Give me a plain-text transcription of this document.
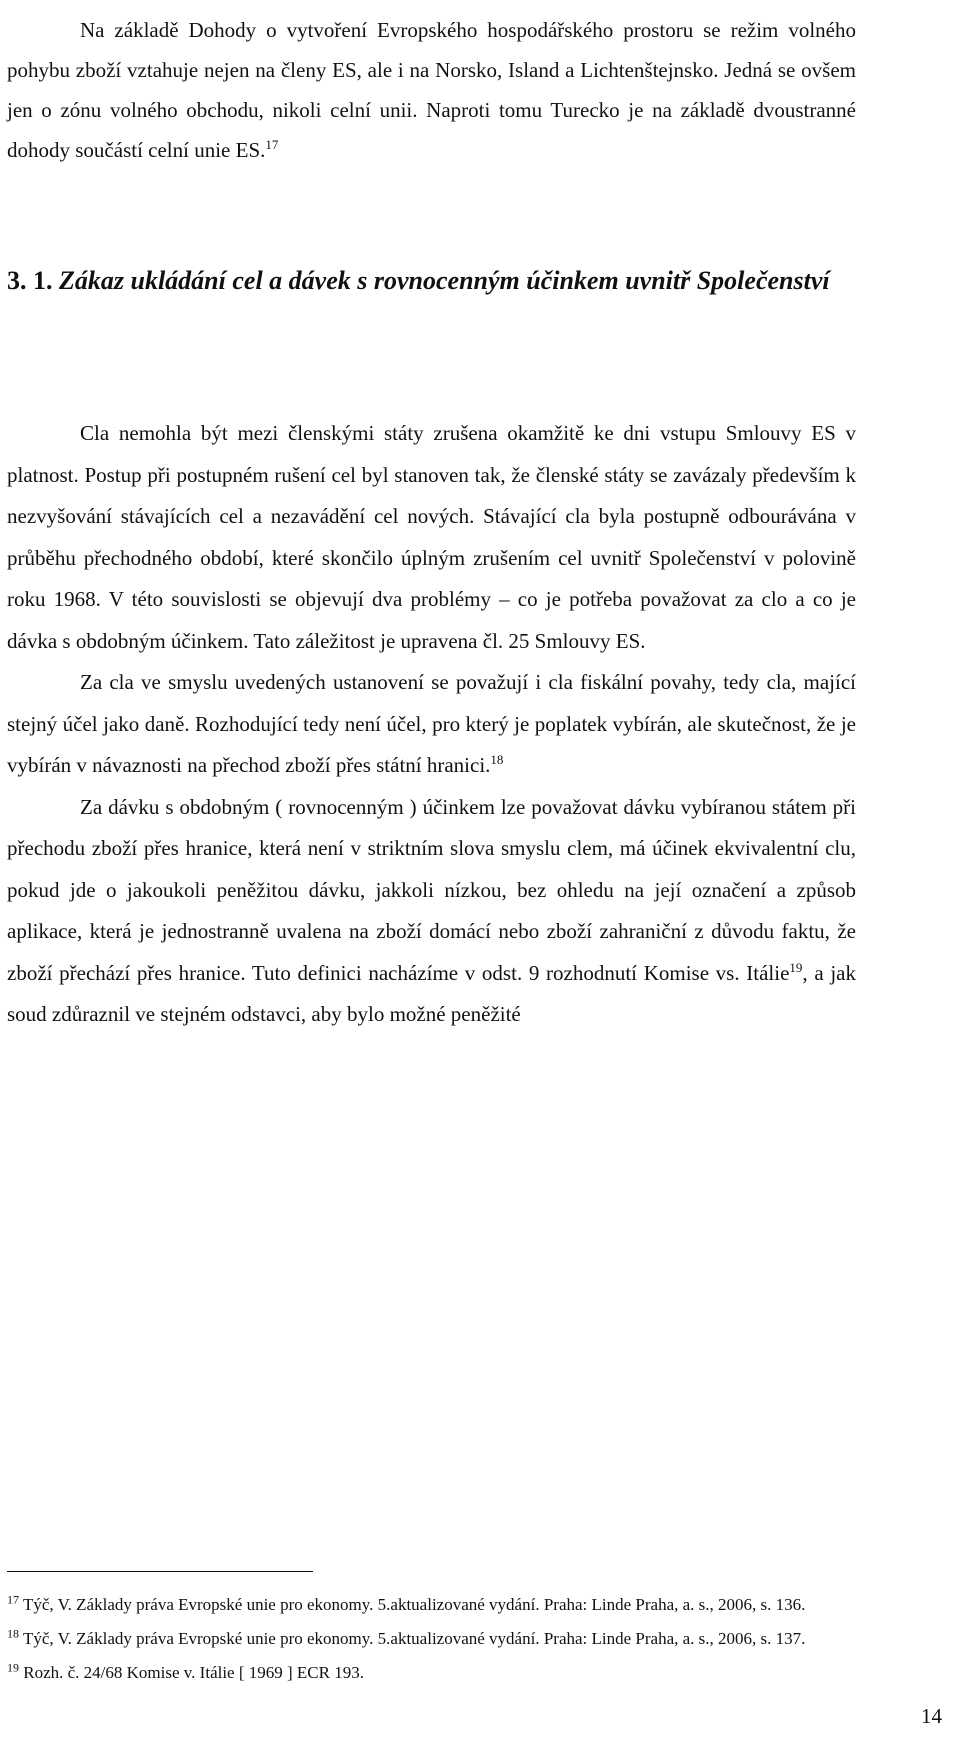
Na základě Dohody o vytvoření Evropského hospodářského prostoru se režim volného pohybu zboží vztahuje nejen na členy ES, ale i na Norsko, Island a Lichtenštejnsko. Jedná se ovšem jen o zónu volného obchodu, nikoli celní unii. Naproti tomu Turecko je na základě dvoustranné dohody součástí celní unie ES.$^{17}$

3. 1. Zákaz ukládání cel a dávek s rovnocenným účinkem uvnitř Společenství

Cla nemohla být mezi členskými státy zrušena okamžitě ke dni vstupu Smlouvy ES v platnost. Postup při postupném rušení cel byl stanoven tak, že členské státy se zavázaly především k nezvyšování stávajících cel a nezavádění cel nových. Stávající cla byla postupně odbourávána v průběhu přechodného období, které skončilo úplným zrušením cel uvnitř Společenství v polovině roku 1968. V této souvislosti se objevují dva problémy – co je potřeba považovat za clo a co je dávka s obdobným účinkem. Tato záležitost je upravena čl. 25 Smlouvy ES.

Za cla ve smyslu uvedených ustanovení se považují i cla fiskální povahy, tedy cla, mající stejný účel jako daně. Rozhodující tedy není účel, pro který je poplatek vybírán, ale skutečnost, že je vybírán v návaznosti na přechod zboží přes státní hranici.$^{18}$

Za dávku s obdobným ( rovnocenným ) účinkem lze považovat dávku vybíranou státem při přechodu zboží přes hranice, která není v striktním slova smyslu clem, má účinek ekvivalentní clu, pokud jde o jakoukoli peněžitou dávku, jakkoli nízkou, bez ohledu na její označení a způsob aplikace, která je jednostranně uvalena na zboží domácí nebo zboží zahraniční z důvodu faktu, že zboží přechází přes hranice. Tuto definici nacházíme v odst. 9 rozhodnutí Komise vs. Itálie$^{19}$, a jak soud zdůraznil ve stejném odstavci, aby bylo možné peněžité

$^{17}$ Týč, V. Základy práva Evropské unie pro ekonomy. 5.aktualizované vydání. Praha: Linde Praha, a. s., 2006, s. 136.

$^{18}$ Týč, V. Základy práva Evropské unie pro ekonomy. 5.aktualizované vydání. Praha: Linde Praha, a. s., 2006, s. 137.

$^{19}$ Rozh. č. 24/68 Komise v. Itálie [ 1969 ] ECR 193.

14
